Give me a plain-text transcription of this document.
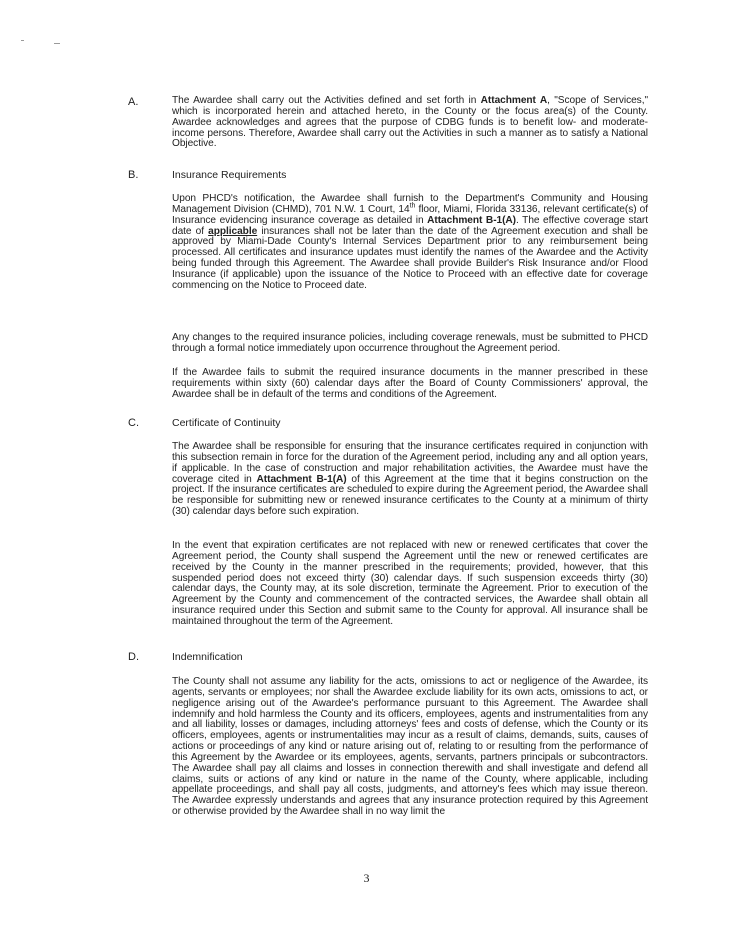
A.	The Awardee shall carry out the Activities defined and set forth in Attachment A, "Scope of Services," which is incorporated herein and attached hereto, in the County or the focus area(s) of the County. Awardee acknowledges and agrees that the purpose of CDBG funds is to benefit low- and moderate-income persons. Therefore, Awardee shall carry out the Activities in such a manner as to satisfy a National Objective.

B.	Insurance Requirements

Upon PHCD's notification, the Awardee shall furnish to the Department's Community and Housing Management Division (CHMD), 701 N.W. 1 Court, 14th floor, Miami, Florida 33136, relevant certificate(s) of Insurance evidencing insurance coverage as detailed in Attachment B-1(A). The effective coverage start date of applicable insurances shall not be later than the date of the Agreement execution and shall be approved by Miami-Dade County's Internal Services Department prior to any reimbursement being processed. All certificates and insurance updates must identify the names of the Awardee and the Activity being funded through this Agreement. The Awardee shall provide Builder's Risk Insurance and/or Flood Insurance (if applicable) upon the issuance of the Notice to Proceed with an effective date for coverage commencing on the Notice to Proceed date.

Any changes to the required insurance policies, including coverage renewals, must be submitted to PHCD through a formal notice immediately upon occurrence throughout the Agreement period.

If the Awardee fails to submit the required insurance documents in the manner prescribed in these requirements within sixty (60) calendar days after the Board of County Commissioners' approval, the Awardee shall be in default of the terms and conditions of the Agreement.

C.	Certificate of Continuity

The Awardee shall be responsible for ensuring that the insurance certificates required in conjunction with this subsection remain in force for the duration of the Agreement period, including any and all option years, if applicable. In the case of construction and major rehabilitation activities, the Awardee must have the coverage cited in Attachment B-1(A) of this Agreement at the time that it begins construction on the project. If the insurance certificates are scheduled to expire during the Agreement period, the Awardee shall be responsible for submitting new or renewed insurance certificates to the County at a minimum of thirty (30) calendar days before such expiration.

In the event that expiration certificates are not replaced with new or renewed certificates that cover the Agreement period, the County shall suspend the Agreement until the new or renewed certificates are received by the County in the manner prescribed in the requirements; provided, however, that this suspended period does not exceed thirty (30) calendar days. If such suspension exceeds thirty (30) calendar days, the County may, at its sole discretion, terminate the Agreement. Prior to execution of the Agreement by the County and commencement of the contracted services, the Awardee shall obtain all insurance required under this Section and submit same to the County for approval. All insurance shall be maintained throughout the term of the Agreement.

D.	Indemnification

The County shall not assume any liability for the acts, omissions to act or negligence of the Awardee, its agents, servants or employees; nor shall the Awardee exclude liability for its own acts, omissions to act, or negligence arising out of the Awardee's performance pursuant to this Agreement. The Awardee shall indemnify and hold harmless the County and its officers, employees, agents and instrumentalities from any and all liability, losses or damages, including attorneys' fees and costs of defense, which the County or its officers, employees, agents or instrumentalities may incur as a result of claims, demands, suits, causes of actions or proceedings of any kind or nature arising out of, relating to or resulting from the performance of this Agreement by the Awardee or its employees, agents, servants, partners principals or subcontractors. The Awardee shall pay all claims and losses in connection therewith and shall investigate and defend all claims, suits or actions of any kind or nature in the name of the County, where applicable, including appellate proceedings, and shall pay all costs, judgments, and attorney's fees which may issue thereon. The Awardee expressly understands and agrees that any insurance protection required by this Agreement or otherwise provided by the Awardee shall in no way limit the

3
